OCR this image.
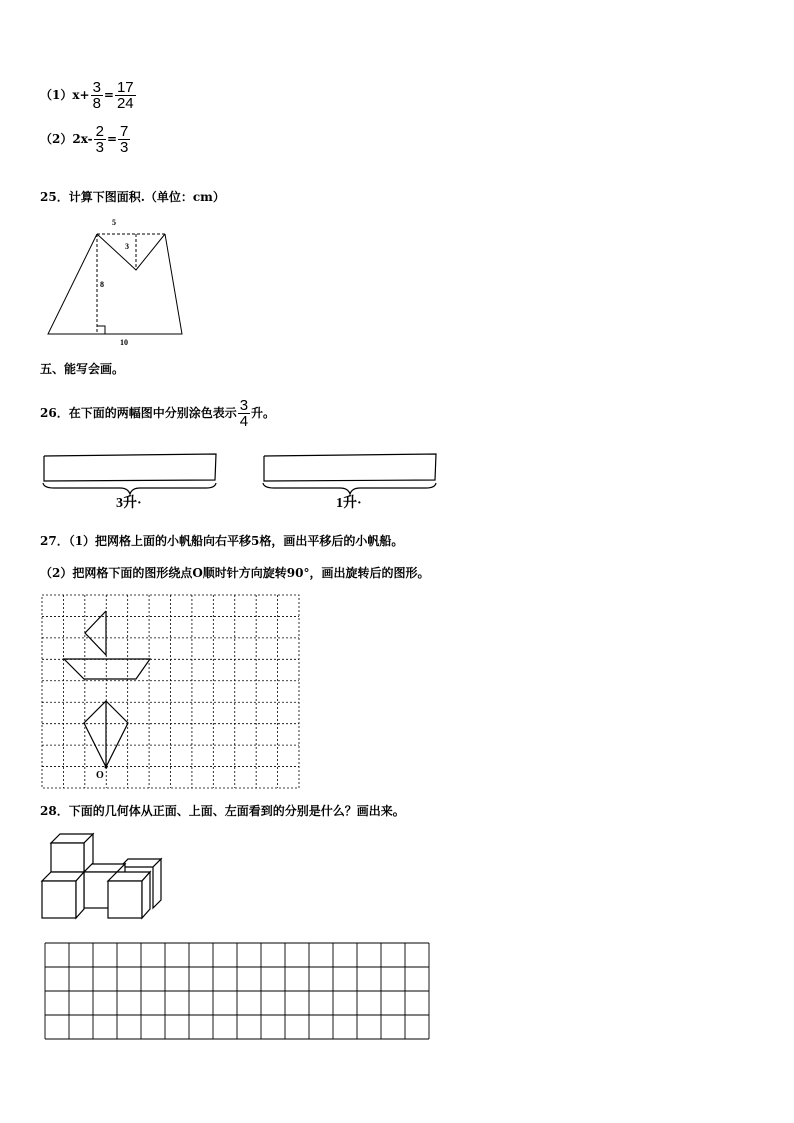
$(1)x+ \frac{3}{8} = \frac{17}{24}$
$(2)2x- \frac{2}{3} = \frac{7}{3}$
25．计算下图面积.（单位：cm）
5
3
8
10
五、能写会画。
26．在下面的两幅图中分别涂色表示 $\frac{3}{4}$ 升。
3升·	1升·
27．（1）把网格上面的小帆船向右平移5格，画出平移后的小帆船。
（2）把网格下面的图形绕点O顺时针方向旋转90°，画出旋转后的图形。
O
28．下面的几何体从正面、上面、左面看到的分别是什么？画出来。
